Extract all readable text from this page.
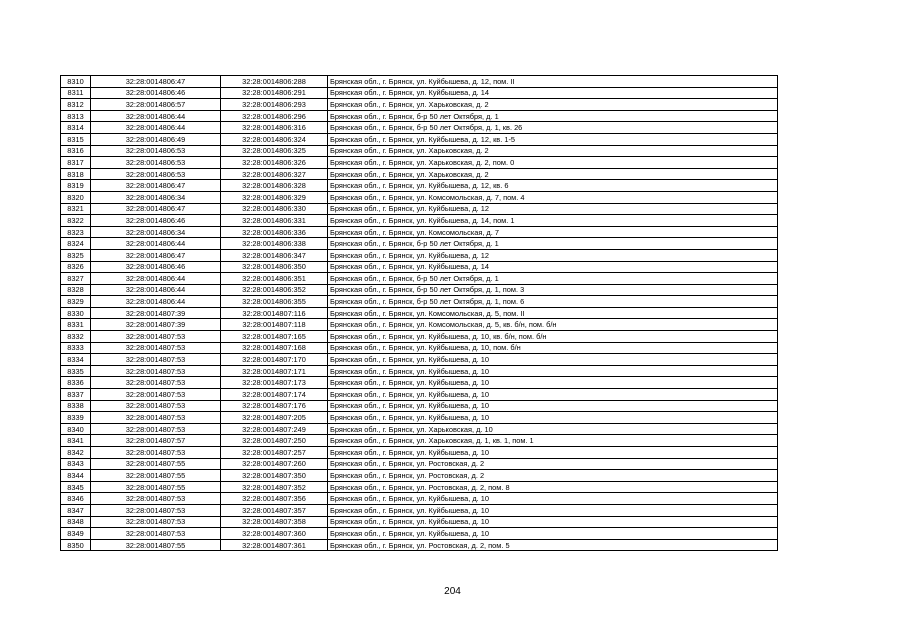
8310	32:28:0014806:47	32:28:0014806:288	Брянская обл., г. Брянск, ул. Куйбышева, д. 12, пом. II
8311	32:28:0014806:46	32:28:0014806:291	Брянская обл., г. Брянск, ул. Куйбышева, д. 14
8312	32:28:0014806:57	32:28:0014806:293	Брянская обл., г. Брянск, ул. Харьковская, д. 2
8313	32:28:0014806:44	32:28:0014806:296	Брянская обл., г. Брянск, б-р 50 лет Октября, д. 1
8314	32:28:0014806:44	32:28:0014806:316	Брянская обл., г. Брянск, б-р 50 лет Октября, д. 1, кв. 26
8315	32:28:0014806:49	32:28:0014806:324	Брянская обл., г. Брянск, ул. Куйбышева, д. 12, кв. 1-5
8316	32:28:0014806:53	32:28:0014806:325	Брянская обл., г. Брянск, ул. Харьковская, д. 2
8317	32:28:0014806:53	32:28:0014806:326	Брянская обл., г. Брянск, ул. Харьковская, д. 2, пом. 0
8318	32:28:0014806:53	32:28:0014806:327	Брянская обл., г. Брянск, ул. Харьковская, д. 2
8319	32:28:0014806:47	32:28:0014806:328	Брянская обл., г. Брянск, ул. Куйбышева, д. 12, кв. 6
8320	32:28:0014806:34	32:28:0014806:329	Брянская обл., г. Брянск, ул. Комсомольская, д. 7, пом. 4
8321	32:28:0014806:47	32:28:0014806:330	Брянская обл., г. Брянск, ул. Куйбышева, д. 12
8322	32:28:0014806:46	32:28:0014806:331	Брянская обл., г. Брянск, ул. Куйбышева, д. 14, пом. 1
8323	32:28:0014806:34	32:28:0014806:336	Брянская обл., г. Брянск, ул. Комсомольская, д. 7
8324	32:28:0014806:44	32:28:0014806:338	Брянская обл., г. Брянск, б-р 50 лет Октября, д. 1
8325	32:28:0014806:47	32:28:0014806:347	Брянская обл., г. Брянск, ул. Куйбышева, д. 12
8326	32:28:0014806:46	32:28:0014806:350	Брянская обл., г. Брянск, ул. Куйбышева, д. 14
8327	32:28:0014806:44	32:28:0014806:351	Брянская обл., г. Брянск, б-р 50 лет Октября, д. 1
8328	32:28:0014806:44	32:28:0014806:352	Брянская обл., г. Брянск, б-р 50 лет Октября, д. 1, пом. 3
8329	32:28:0014806:44	32:28:0014806:355	Брянская обл., г. Брянск, б-р 50 лет Октября, д. 1, пом. 6
8330	32:28:0014807:39	32:28:0014807:116	Брянская обл., г. Брянск, ул. Комсомольская, д. 5, пом. II
8331	32:28:0014807:39	32:28:0014807:118	Брянская обл., г. Брянск, ул. Комсомольская, д. 5, кв. б/н, пом. б/н
8332	32:28:0014807:53	32:28:0014807:165	Брянская обл., г. Брянск, ул. Куйбышева, д. 10, кв. б/н, пом. б/н
8333	32:28:0014807:53	32:28:0014807:168	Брянская обл., г. Брянск, ул. Куйбышева, д. 10, пом. б/н
8334	32:28:0014807:53	32:28:0014807:170	Брянская обл., г. Брянск, ул. Куйбышева, д. 10
8335	32:28:0014807:53	32:28:0014807:171	Брянская обл., г. Брянск, ул. Куйбышева, д. 10
8336	32:28:0014807:53	32:28:0014807:173	Брянская обл., г. Брянск, ул. Куйбышева, д. 10
8337	32:28:0014807:53	32:28:0014807:174	Брянская обл., г. Брянск, ул. Куйбышева, д. 10
8338	32:28:0014807:53	32:28:0014807:176	Брянская обл., г. Брянск, ул. Куйбышева, д. 10
8339	32:28:0014807:53	32:28:0014807:205	Брянская обл., г. Брянск, ул. Куйбышева, д. 10
8340	32:28:0014807:53	32:28:0014807:249	Брянская обл., г. Брянск, ул. Харьковская, д. 10
8341	32:28:0014807:57	32:28:0014807:250	Брянская обл., г. Брянск, ул. Харьковская, д. 1, кв. 1, пом. 1
8342	32:28:0014807:53	32:28:0014807:257	Брянская обл., г. Брянск, ул. Куйбышева, д. 10
8343	32:28:0014807:55	32:28:0014807:260	Брянская обл., г. Брянск, ул. Ростовская, д. 2
8344	32:28:0014807:55	32:28:0014807:350	Брянская обл., г. Брянск, ул. Ростовская, д. 2
8345	32:28:0014807:55	32:28:0014807:352	Брянская обл., г. Брянск, ул. Ростовская, д. 2, пом. 8
8346	32:28:0014807:53	32:28:0014807:356	Брянская обл., г. Брянск, ул. Куйбышева, д. 10
8347	32:28:0014807:53	32:28:0014807:357	Брянская обл., г. Брянск, ул. Куйбышева, д. 10
8348	32:28:0014807:53	32:28:0014807:358	Брянская обл., г. Брянск, ул. Куйбышева, д. 10
8349	32:28:0014807:53	32:28:0014807:360	Брянская обл., г. Брянск, ул. Куйбышева, д. 10
8350	32:28:0014807:55	32:28:0014807:361	Брянская обл., г. Брянск, ул. Ростовская, д. 2, пом. 5
204
